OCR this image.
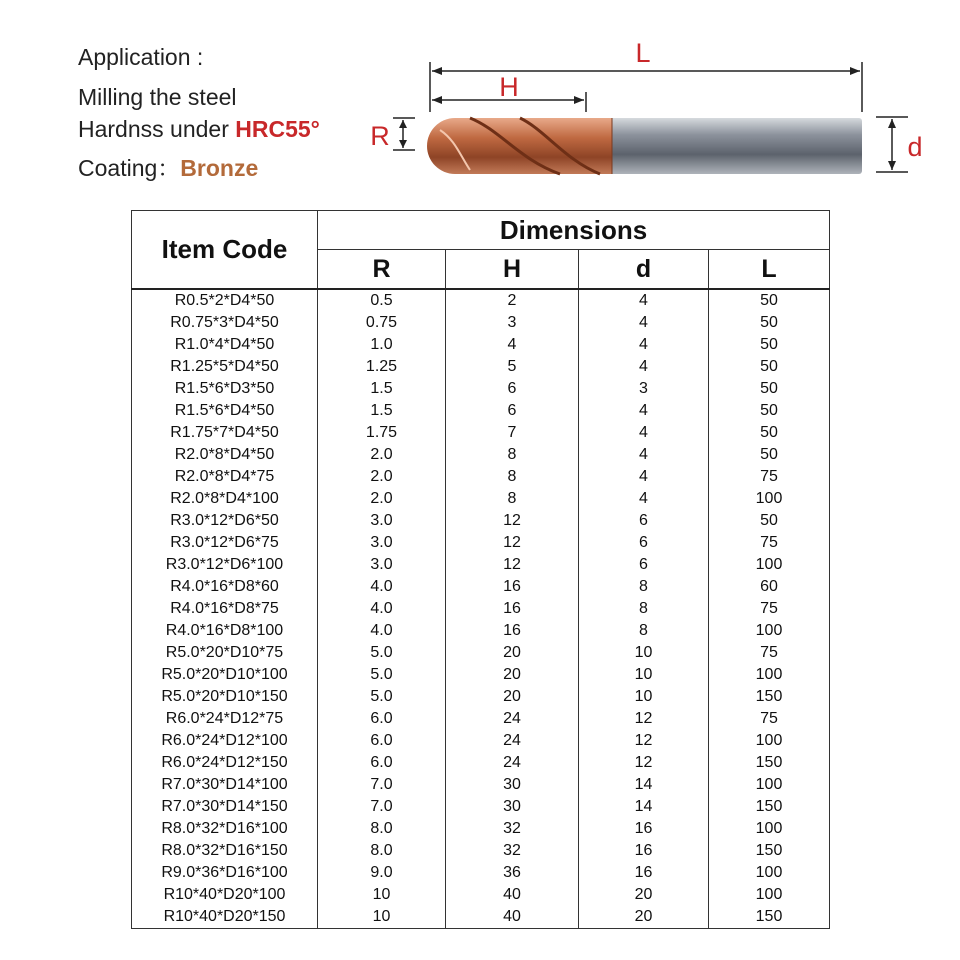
Application :
Milling the steel
Hardnss under HRC55°
Coating：Bronze
L
H
R	d
Item Code	Dimensions			
	R	H	d	L
R0.5*2*D4*50	0.5	2	4	50
R0.75*3*D4*50	0.75	3	4	50
R1.0*4*D4*50	1.0	4	4	50
R1.25*5*D4*50	1.25	5	4	50
R1.5*6*D3*50	1.5	6	3	50
R1.5*6*D4*50	1.5	6	4	50
R1.75*7*D4*50	1.75	7	4	50
R2.0*8*D4*50	2.0	8	4	50
R2.0*8*D4*75	2.0	8	4	75
R2.0*8*D4*100	2.0	8	4	100
R3.0*12*D6*50	3.0	12	6	50
R3.0*12*D6*75	3.0	12	6	75
R3.0*12*D6*100	3.0	12	6	100
R4.0*16*D8*60	4.0	16	8	60
R4.0*16*D8*75	4.0	16	8	75
R4.0*16*D8*100	4.0	16	8	100
R5.0*20*D10*75	5.0	20	10	75
R5.0*20*D10*100	5.0	20	10	100
R5.0*20*D10*150	5.0	20	10	150
R6.0*24*D12*75	6.0	24	12	75
R6.0*24*D12*100	6.0	24	12	100
R6.0*24*D12*150	6.0	24	12	150
R7.0*30*D14*100	7.0	30	14	100
R7.0*30*D14*150	7.0	30	14	150
R8.0*32*D16*100	8.0	32	16	100
R8.0*32*D16*150	8.0	32	16	150
R9.0*36*D16*100	9.0	36	16	100
R10*40*D20*100	10	40	20	100
R10*40*D20*150	10	40	20	150
